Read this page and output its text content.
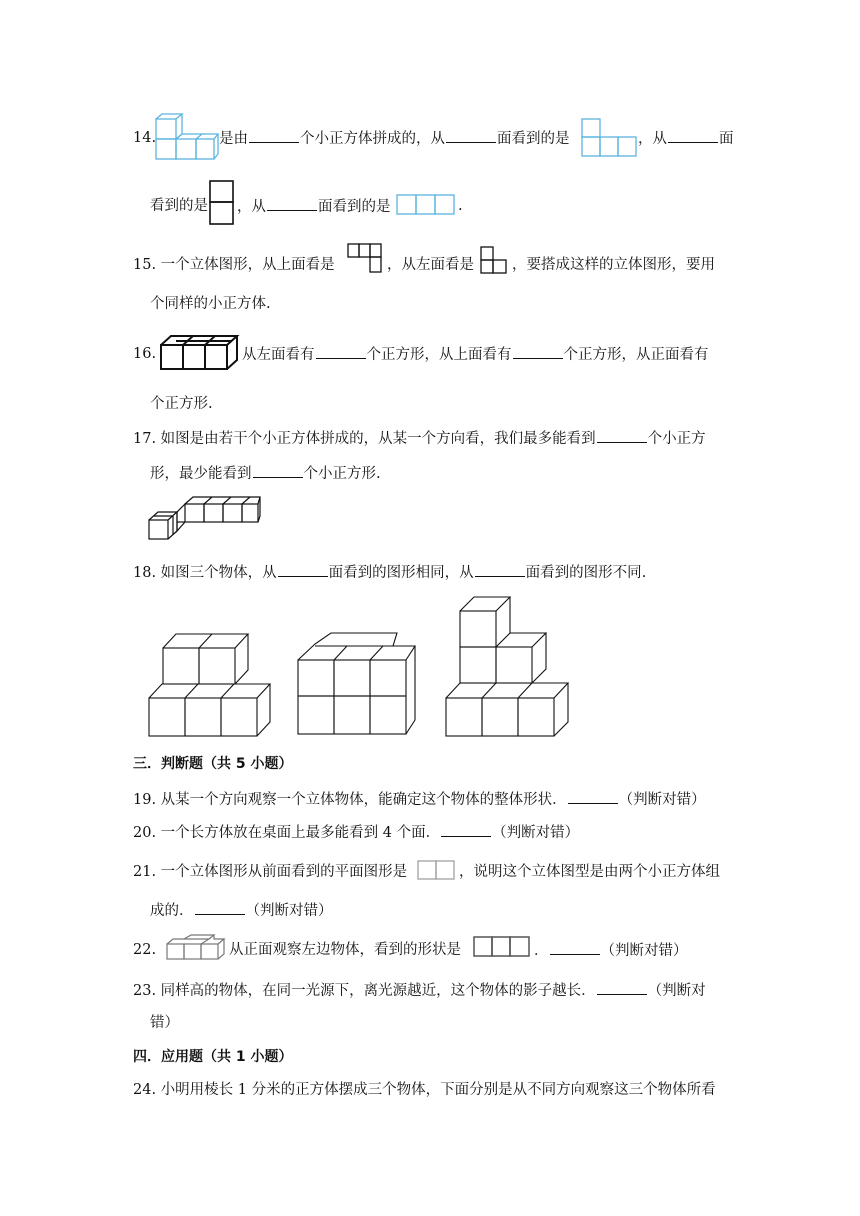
14.	是由	个小正方体拼成的，从	面看到的是	，从	面
看到的是 ，从	面看到的是	.
15. 一个立体图形，从上面看是	，从左面看是	，要搭成这样的立体图形，要用
个同样的小正方体.
16.	从左面看有	个正方形，从上面看有	个正方形，从正面看有
个正方形.
17. 如图是由若干个小正方体拼成的，从某一个方向看，我们最多能看到	个小正方
形，最少能看到	个小正方形.
18. 如图三个物体，从	面看到的图形相同，从	面看到的图形不同.
三．判断题（共 5 小题）
19. 从某一个方向观察一个立体物体，能确定这个物体的整体形状．	（判断对错）
20. 一个长方体放在桌面上最多能看到 4 个面．	（判断对错）
21. 一个立体图形从前面看到的平面图形是	，说明这个立体图型是由两个小正方体组
成的．	（判断对错）
22.	从正面观察左边物体，看到的形状是	．	（判断对错）
23. 同样高的物体，在同一光源下，离光源越近，这个物体的影子越长．	（判断对
错）
四．应用题（共 1 小题）
24. 小明用棱长 1 分米的正方体摆成三个物体，下面分别是从不同方向观察这三个物体所看
